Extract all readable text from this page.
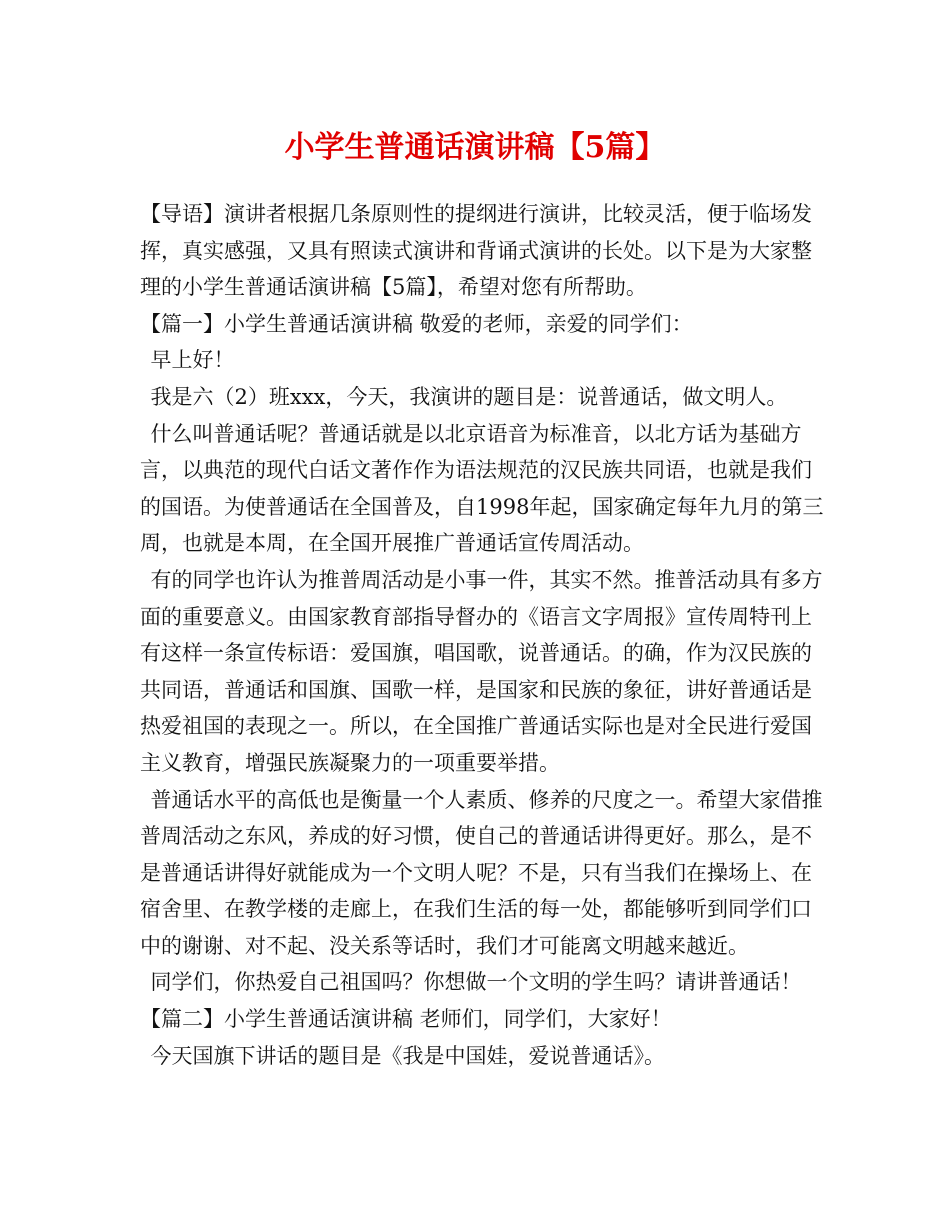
小学生普通话演讲稿【5篇】

【导语】演讲者根据几条原则性的提纲进行演讲，比较灵活，便于临场发挥，真实感强，又具有照读式演讲和背诵式演讲的长处。以下是为大家整理的小学生普通话演讲稿【5篇】，希望对您有所帮助。

【篇一】小学生普通话演讲稿 敬爱的老师，亲爱的同学们：

早上好！

我是六（2）班xxx，今天，我演讲的题目是：说普通话，做文明人。

什么叫普通话呢？普通话就是以北京语音为标准音，以北方话为基础方言，以典范的现代白话文著作作为语法规范的汉民族共同语，也就是我们的国语。为使普通话在全国普及，自1998年起，国家确定每年九月的第三周，也就是本周，在全国开展推广普通话宣传周活动。

有的同学也许认为推普周活动是小事一件，其实不然。推普活动具有多方面的重要意义。由国家教育部指导督办的《语言文字周报》宣传周特刊上有这样一条宣传标语：爱国旗，唱国歌，说普通话。的确，作为汉民族的共同语，普通话和国旗、国歌一样，是国家和民族的象征，讲好普通话是热爱祖国的表现之一。所以，在全国推广普通话实际也是对全民进行爱国主义教育，增强民族凝聚力的一项重要举措。

普通话水平的高低也是衡量一个人素质、修养的尺度之一。希望大家借推普周活动之东风，养成的好习惯，使自己的普通话讲得更好。那么，是不是普通话讲得好就能成为一个文明人呢？不是，只有当我们在操场上、在宿舍里、在教学楼的走廊上，在我们生活的每一处，都能够听到同学们口中的谢谢、对不起、没关系等话时，我们才可能离文明越来越近。

同学们，你热爱自己祖国吗？你想做一个文明的学生吗？请讲普通话！

【篇二】小学生普通话演讲稿 老师们，同学们，大家好！

今天国旗下讲话的题目是《我是中国娃，爱说普通话》。
